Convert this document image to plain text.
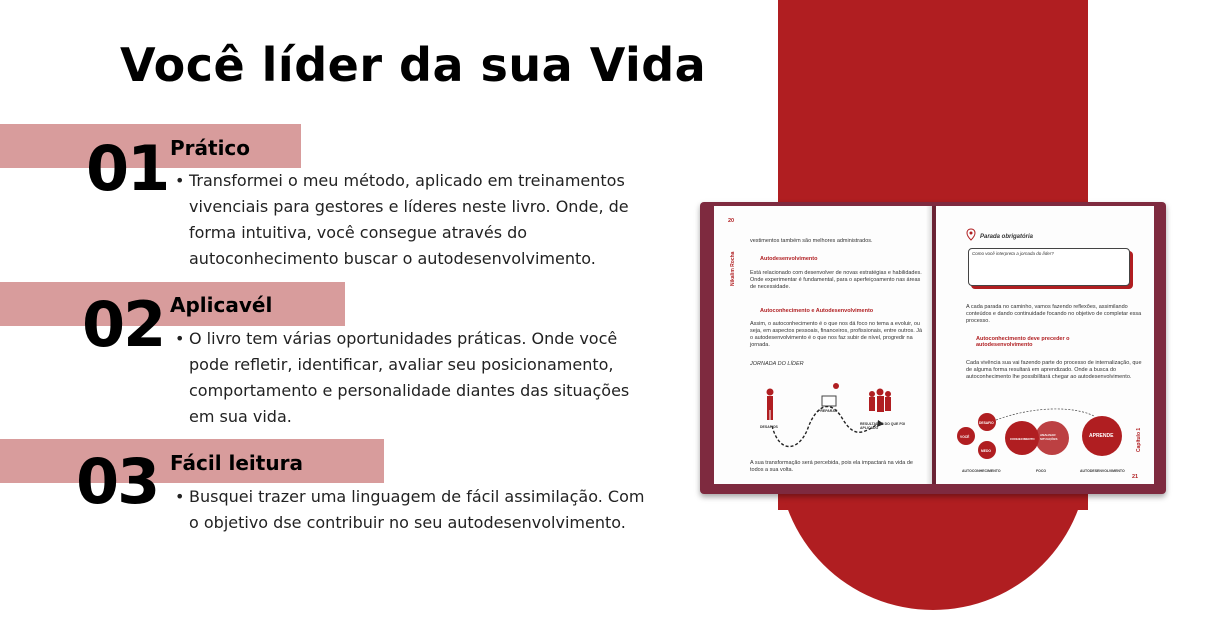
Você líder da sua Vida
01 Prático
• Transformei o meu método, aplicado em treinamentos vivenciais para gestores e líderes neste livro. Onde, de forma intuitiva, você consegue através do autoconhecimento buscar o autodesenvolvimento.
02 Aplicavél
• O livro tem várias oportunidades práticas. Onde você pode refletir, identificar, avaliar seu posicionamento, comportamento e personalidade diantes das situações em sua vida.
03 Fácil leitura
• Busquei trazer uma linguagem de fácil assimilação. Com o objetivo dse contribuir no seu autodesenvolvimento.
20
Nikalim Rocha
vestimentos também são melhores administrados.
Autodesenvolvimento
Está relacionado com desenvolver de novas estratégias e habilidades. Onde experimentar é fundamental, para o aperfeiçoamento nas áreas de necessidade.
Autoconhecimento e Autodesenvolvimento
Assim, o autoconhecimento é o que nos dá foco no tema a evoluir, ou seja, em aspectos pessoais, financeiros, profissionais, entre outros. Já o autodesenvolvimento é o que nos faz subir de nível, progredir na jornada.
JORNADA DO LÍDER
DESAFIOS
PREPARAR
RESULTADOS DO QUE FOI APLICADO
A sua transformação será percebida, pois ela impactará na vida de todos a sua volta.
Parada obrigatória
Como você interpreta a jornada do líder?
A cada parada no caminho, vamos fazendo reflexões, assimilando conteúdos e dando continuidade focando no objetivo de completar essa processo.
Autoconhecimento deve preceder o autodesenvolvimento
Cada vivência sua vai fazendo parte do processo de internalização, que de alguma forma resultará em aprendizado. Onde a busca do autoconhecimento lhe possibilitará chegar ao autodesenvolvimento.
VOCÊ
DESAFIO
MEDO
CONHECIMENTO
ANALISAR SITUAÇÕES	APRENDE
AUTOCONHECIMENTO	FOCO	AUTODESENVOLVIMENTO
Capítulo 1
21
